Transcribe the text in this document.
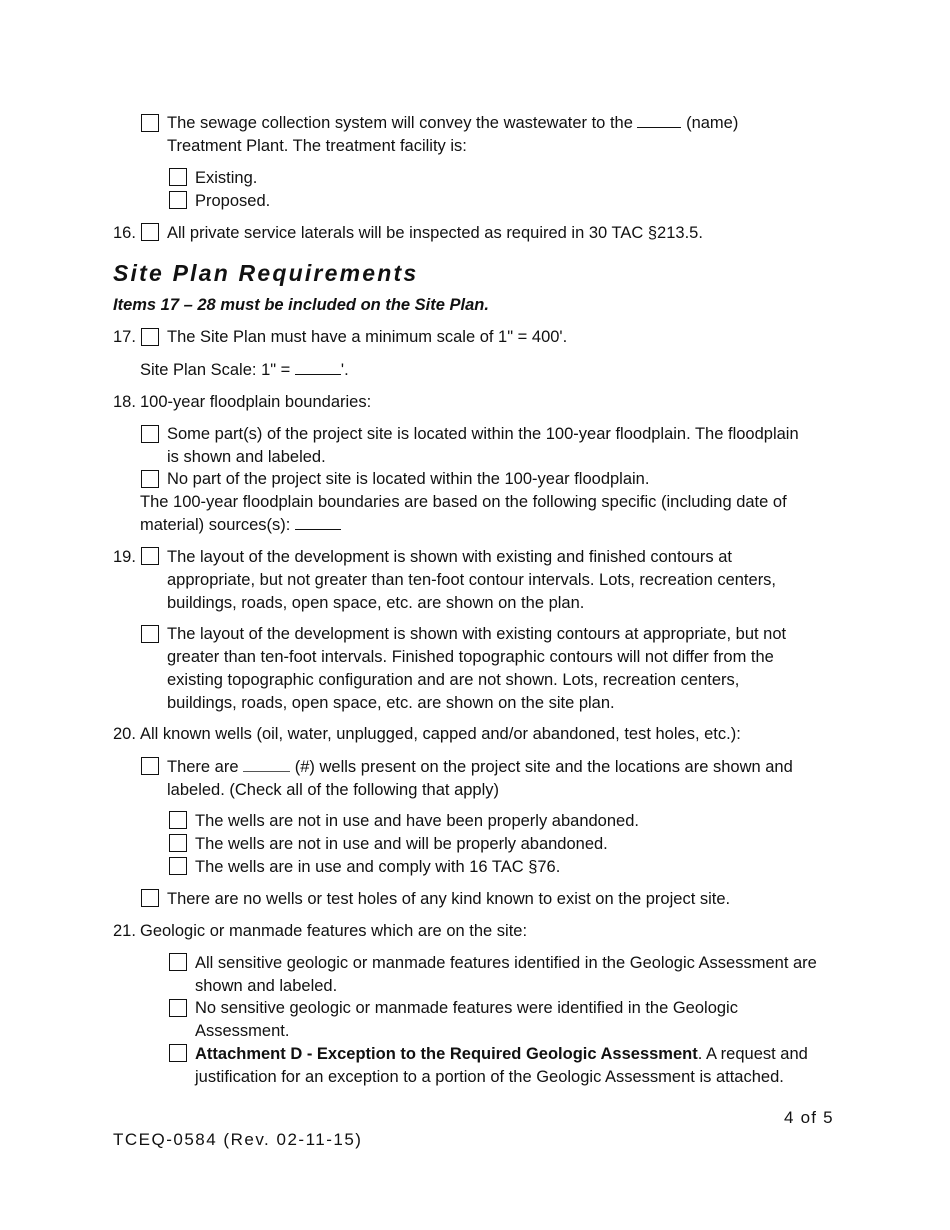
The sewage collection system will convey the wastewater to the	(name)
Treatment Plant. The treatment facility is:
Existing.
Proposed.
16. All private service laterals will be inspected as required in 30 TAC §213.5.
Site Plan Requirements
Items 17 – 28 must be included on the Site Plan.
17. The Site Plan must have a minimum scale of 1" = 400'.
Site Plan Scale: 1" =	'.
18. 100-year floodplain boundaries:
Some part(s) of the project site is located within the 100-year floodplain. The floodplain
is shown and labeled.
No part of the project site is located within the 100-year floodplain.
The 100-year floodplain boundaries are based on the following specific (including date of
material) sources(s):
19. The layout of the development is shown with existing and finished contours at
appropriate, but not greater than ten-foot contour intervals. Lots, recreation centers,
buildings, roads, open space, etc. are shown on the plan.
The layout of the development is shown with existing contours at appropriate, but not
greater than ten-foot intervals. Finished topographic contours will not differ from the
existing topographic configuration and are not shown. Lots, recreation centers,
buildings, roads, open space, etc. are shown on the site plan.
20. All known wells (oil, water, unplugged, capped and/or abandoned, test holes, etc.):
There are	(#) wells present on the project site and the locations are shown and
labeled. (Check all of the following that apply)
The wells are not in use and have been properly abandoned.
The wells are not in use and will be properly abandoned.
The wells are in use and comply with 16 TAC §76.
There are no wells or test holes of any kind known to exist on the project site.
21. Geologic or manmade features which are on the site:
All sensitive geologic or manmade features identified in the Geologic Assessment are
shown and labeled.
No sensitive geologic or manmade features were identified in the Geologic
Assessment.
Attachment D - Exception to the Required Geologic Assessment. A request and
justification for an exception to a portion of the Geologic Assessment is attached.
4 of 5
TCEQ-0584 (Rev. 02-11-15)
